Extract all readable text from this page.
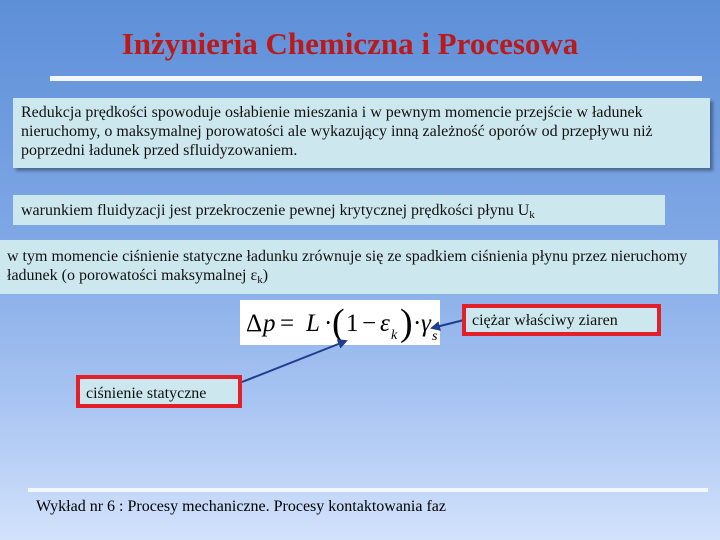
Inżynieria Chemiczna i Procesowa
Redukcja prędkości spowoduje osłabienie mieszania i w pewnym momencie przejście w ładunek nieruchomy, o maksymalnej porowatości ale wykazujący inną zależność oporów od przepływu niż poprzedni ładunek przed sfluidyzowaniem.
warunkiem fluidyzacji jest przekroczenie pewnej krytycznej prędkości płynu $U_k$
w tym momencie ciśnienie statyczne ładunku zrównuje się ze spadkiem ciśnienia płynu przez nieruchomy ładunek (o porowatości maksymalnej $\varepsilon_k$)
Δ p = L · ( 1 − ε k ) · γ s
ciężar właściwy ziaren
ciśnienie statyczne
Wykład nr 6 : Procesy mechaniczne. Procesy kontaktowania faz
